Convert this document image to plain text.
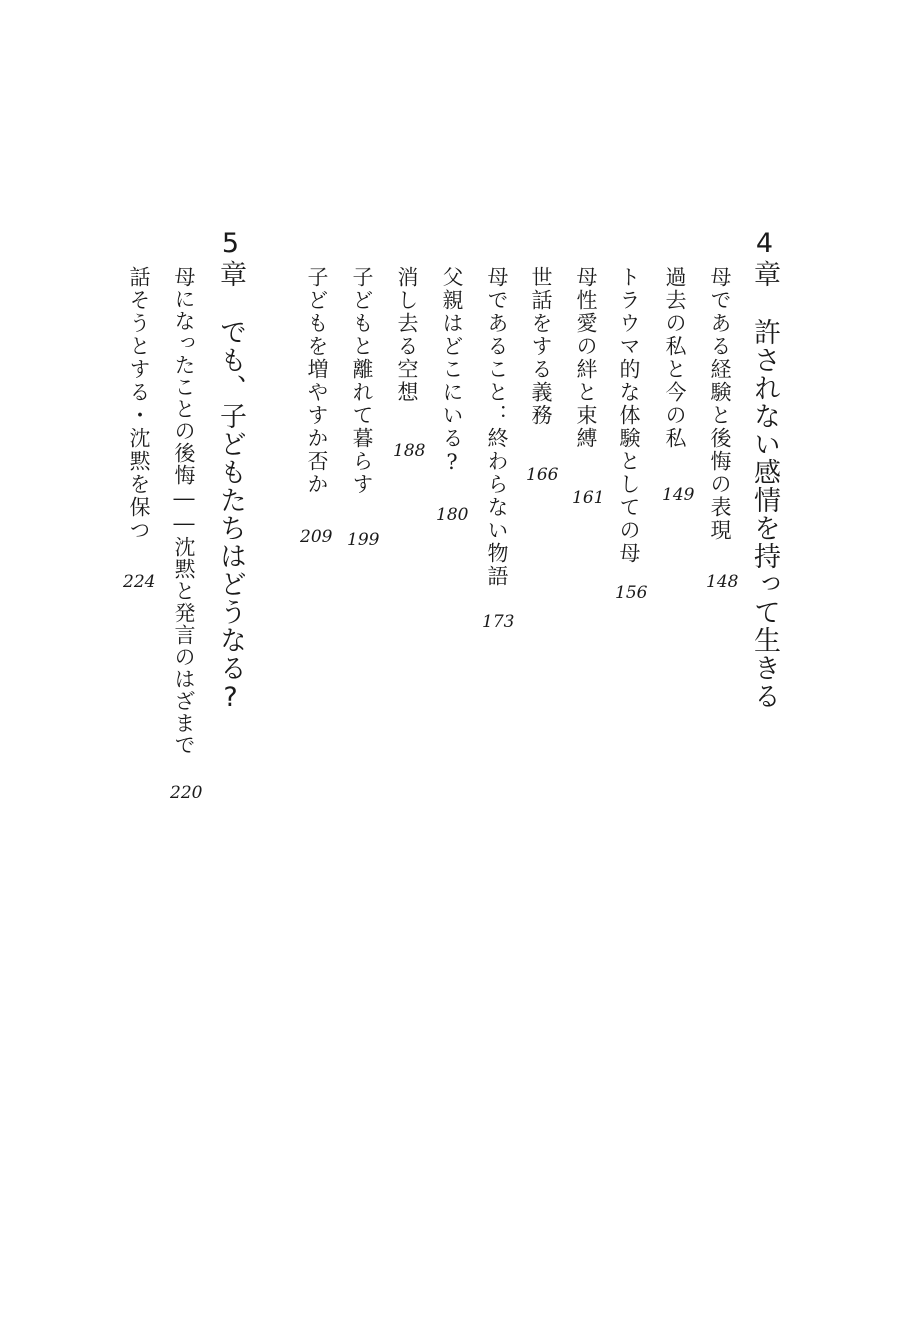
4章許されない感情を持って生きる
母である経験と後悔の表現
148
過去の私と今の私
149
トラウマ的な体験としての母
156
母性愛の絆と束縛
161
世話をする義務
166
母であること：終わらない物語
173
父親はどこにいる?
180
消し去る空想
188
子どもと離れて暮らす
199
子どもを増やすか否か
209
5章でも、子どもたちはどうなる?
母になったことの後悔――沈黙と発言のはざまで
220
話そうとする・沈黙を保つ
224
